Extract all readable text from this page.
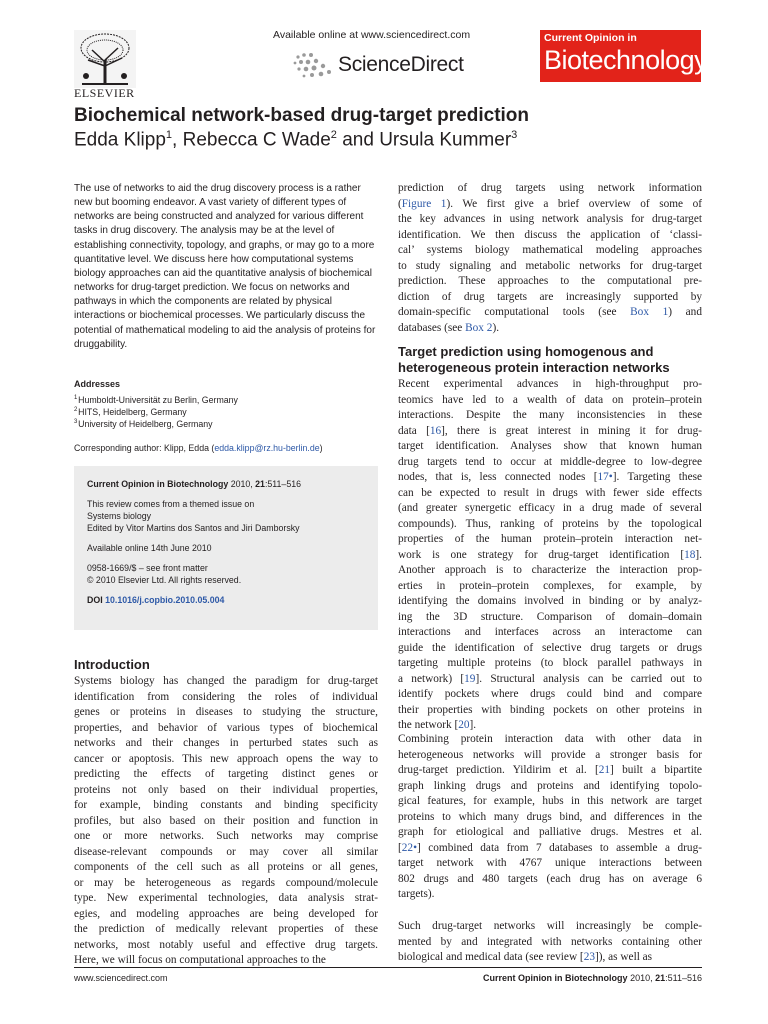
ELSEVIER
Available online at www.sciencedirect.com
ScienceDirect
Current Opinion in
Biotechnology
Biochemical network-based drug-target prediction
Edda Klipp$^1$, Rebecca C Wade$^2$ and Ursula Kummer$^3$
The use of networks to aid the drug discovery process is a rather new but booming endeavor. A vast variety of different types of networks are being constructed and analyzed for various different tasks in drug discovery. The analysis may be at the level of establishing connectivity, topology, and graphs, or may go to a more quantitative level. We discuss here how computational systems biology approaches can aid the quantitative analysis of biochemical networks for drug-target prediction. We focus on networks and pathways in which the components are related by physical interactions or biochemical processes. We particularly discuss the potential of mathematical modeling to aid the analysis of proteins for druggability.
Addresses
$^1$ Humboldt-Universität zu Berlin, Germany
$^2$ HITS, Heidelberg, Germany
$^3$ University of Heidelberg, Germany
Corresponding author: Klipp, Edda (edda.klipp@rz.hu-berlin.de)

Current Opinion in Biotechnology 2010, 21:511–516

This review comes from a themed issue on
Systems biology
Edited by Vitor Martins dos Santos and Jiri Damborsky

Available online 14th June 2010

0958-1669/$ – see front matter
© 2010 Elsevier Ltd. All rights reserved.

DOI 10.1016/j.copbio.2010.05.004

Introduction
Systems biology has changed the paradigm for drug-target
identification from considering the roles of individual
genes or proteins in diseases to studying the structure,
properties, and behavior of various types of biochemical
networks and their changes in perturbed states such as
cancer or apoptosis. This new approach opens the way to
predicting the effects of targeting distinct genes or
proteins not only based on their individual properties,
for example, binding constants and binding specificity
profiles, but also based on their position and function in
one or more networks. Such networks may comprise
disease-relevant compounds or may cover all similar
components of the cell such as all proteins or all genes,
or may be heterogeneous as regards compound/molecule
type. New experimental technologies, data analysis strat-
egies, and modeling approaches are being developed for
the prediction of medically relevant properties of these
networks, most notably useful and effective drug targets.
Here, we will focus on computational approaches to the
prediction of drug targets using network information
(Figure 1). We first give a brief overview of some of
the key advances in using network analysis for drug-target
identification. We then discuss the application of ‘classi-
cal’ systems biology mathematical modeling approaches
to study signaling and metabolic networks for drug-target
prediction. These approaches to the computational pre-
diction of drug targets are increasingly supported by
domain-specific computational tools (see Box 1) and
databases (see Box 2).
Target prediction using homogenous and
heterogeneous protein interaction networks
Recent experimental advances in high-throughput pro-
teomics have led to a wealth of data on protein–protein
interactions. Despite the many inconsistencies in these
data [16], there is great interest in mining it for drug-
target identification. Analyses show that known human
drug targets tend to occur at middle-degree to low-degree
nodes, that is, less connected nodes [17•]. Targeting these
can be expected to result in drugs with fewer side effects
(and greater synergetic efficacy in a drug made of several
compounds). Thus, ranking of proteins by the topological
properties of the human protein–protein interaction net-
work is one strategy for drug-target identification [18].
Another approach is to characterize the interaction prop-
erties in protein–protein complexes, for example, by
identifying the domains involved in binding or by analyz-
ing the 3D structure. Comparison of domain–domain
interactions and interfaces across an interactome can
guide the identification of selective drug targets or drugs
targeting multiple proteins (to block parallel pathways in
a network) [19]. Structural analysis can be carried out to
identify pockets where drugs could bind and compare
their properties with binding pockets on other proteins in
the network [20].
Combining protein interaction data with other data in
heterogeneous networks will provide a stronger basis for
drug-target prediction. Yildirim et al. [21] built a bipartite
graph linking drugs and proteins and identifying topolo-
gical features, for example, hubs in this network are target
proteins to which many drugs bind, and differences in the
graph for etiological and palliative drugs. Mestres et al.
[22•] combined data from 7 databases to assemble a drug-
target network with 4767 unique interactions between
802 drugs and 480 targets (each drug has on average 6
targets).
Such drug-target networks will increasingly be comple-
mented by and integrated with networks containing other
biological and medical data (see review [23]), as well as
www.sciencedirect.com	Current Opinion in Biotechnology 2010, 21:511–516
